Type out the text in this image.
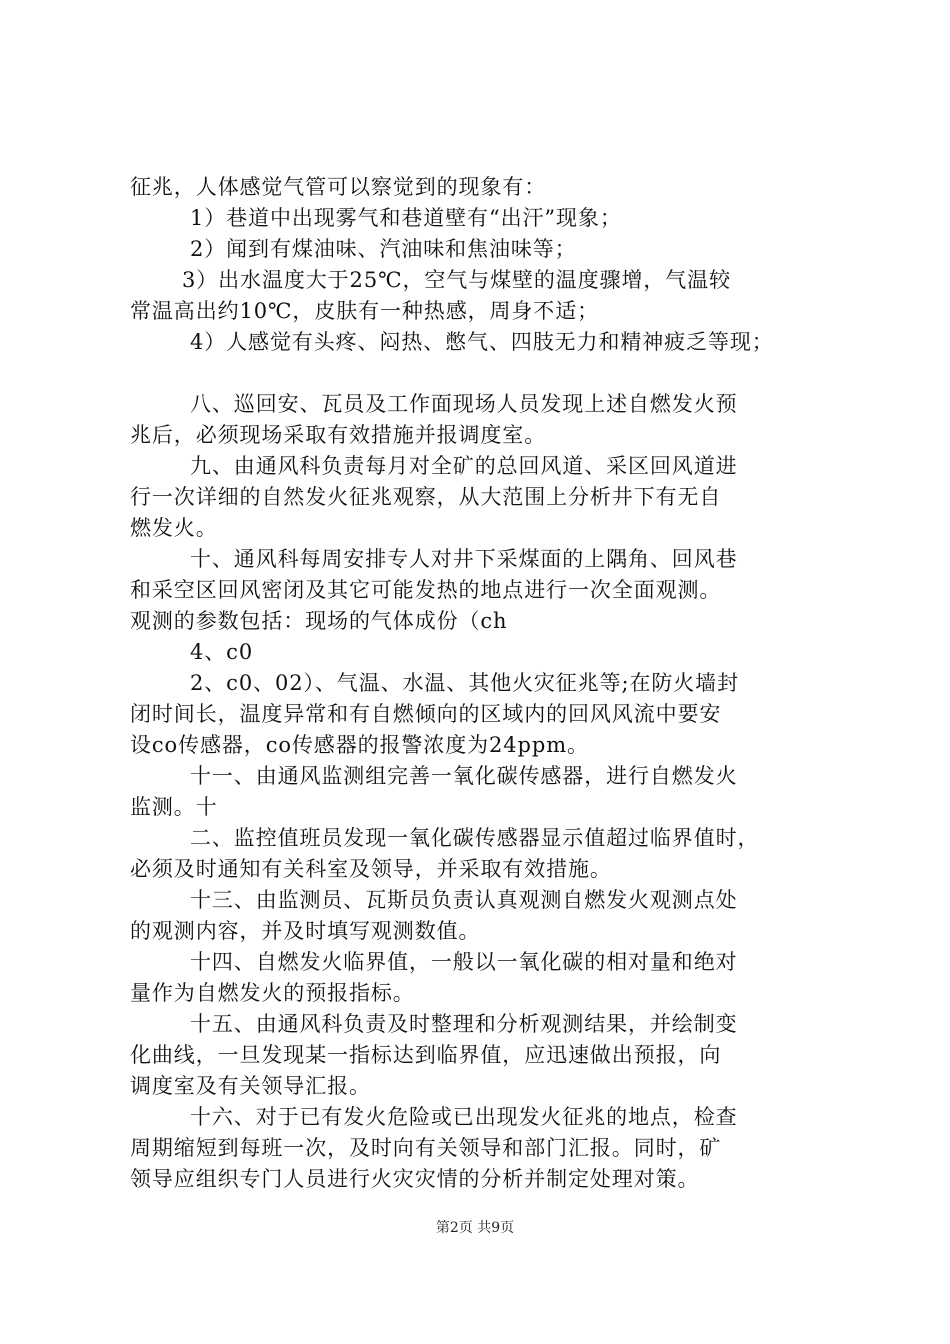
征兆，人体感觉气管可以察觉到的现象有：
1）巷道中出现雾气和巷道壁有“出汗”现象；
2）闻到有煤油味、汽油味和焦油味等；
3）出水温度大于25℃，空气与煤壁的温度骤增，气温较
常温高出约10℃，皮肤有一种热感，周身不适；
4）人感觉有头疼、闷热、憋气、四肢无力和精神疲乏等现；
八、巡回安、瓦员及工作面现场人员发现上述自燃发火预
兆后，必须现场采取有效措施并报调度室。
九、由通风科负责每月对全矿的总回风道、采区回风道进
行一次详细的自然发火征兆观察，从大范围上分析井下有无自
燃发火。
十、通风科每周安排专人对井下采煤面的上隅角、回风巷
和采空区回风密闭及其它可能发热的地点进行一次全面观测。
观测的参数包括：现场的气体成份（ch
4、c0
2、c0、02）、气温、水温、其他火灾征兆等;在防火墙封
闭时间长，温度异常和有自燃倾向的区域内的回风风流中要安
设co传感器，co传感器的报警浓度为24ppm。
十一、由通风监测组完善一氧化碳传感器，进行自燃发火
监测。十
二、监控值班员发现一氧化碳传感器显示值超过临界值时，
必须及时通知有关科室及领导，并采取有效措施。
十三、由监测员、瓦斯员负责认真观测自燃发火观测点处
的观测内容，并及时填写观测数值。
十四、自燃发火临界值，一般以一氧化碳的相对量和绝对
量作为自燃发火的预报指标。
十五、由通风科负责及时整理和分析观测结果，并绘制变
化曲线，一旦发现某一指标达到临界值，应迅速做出预报，向
调度室及有关领导汇报。
十六、对于已有发火危险或已出现发火征兆的地点，检查
周期缩短到每班一次，及时向有关领导和部门汇报。同时，矿
领导应组织专门人员进行火灾灾情的分析并制定处理对策。
第2页 共9页
